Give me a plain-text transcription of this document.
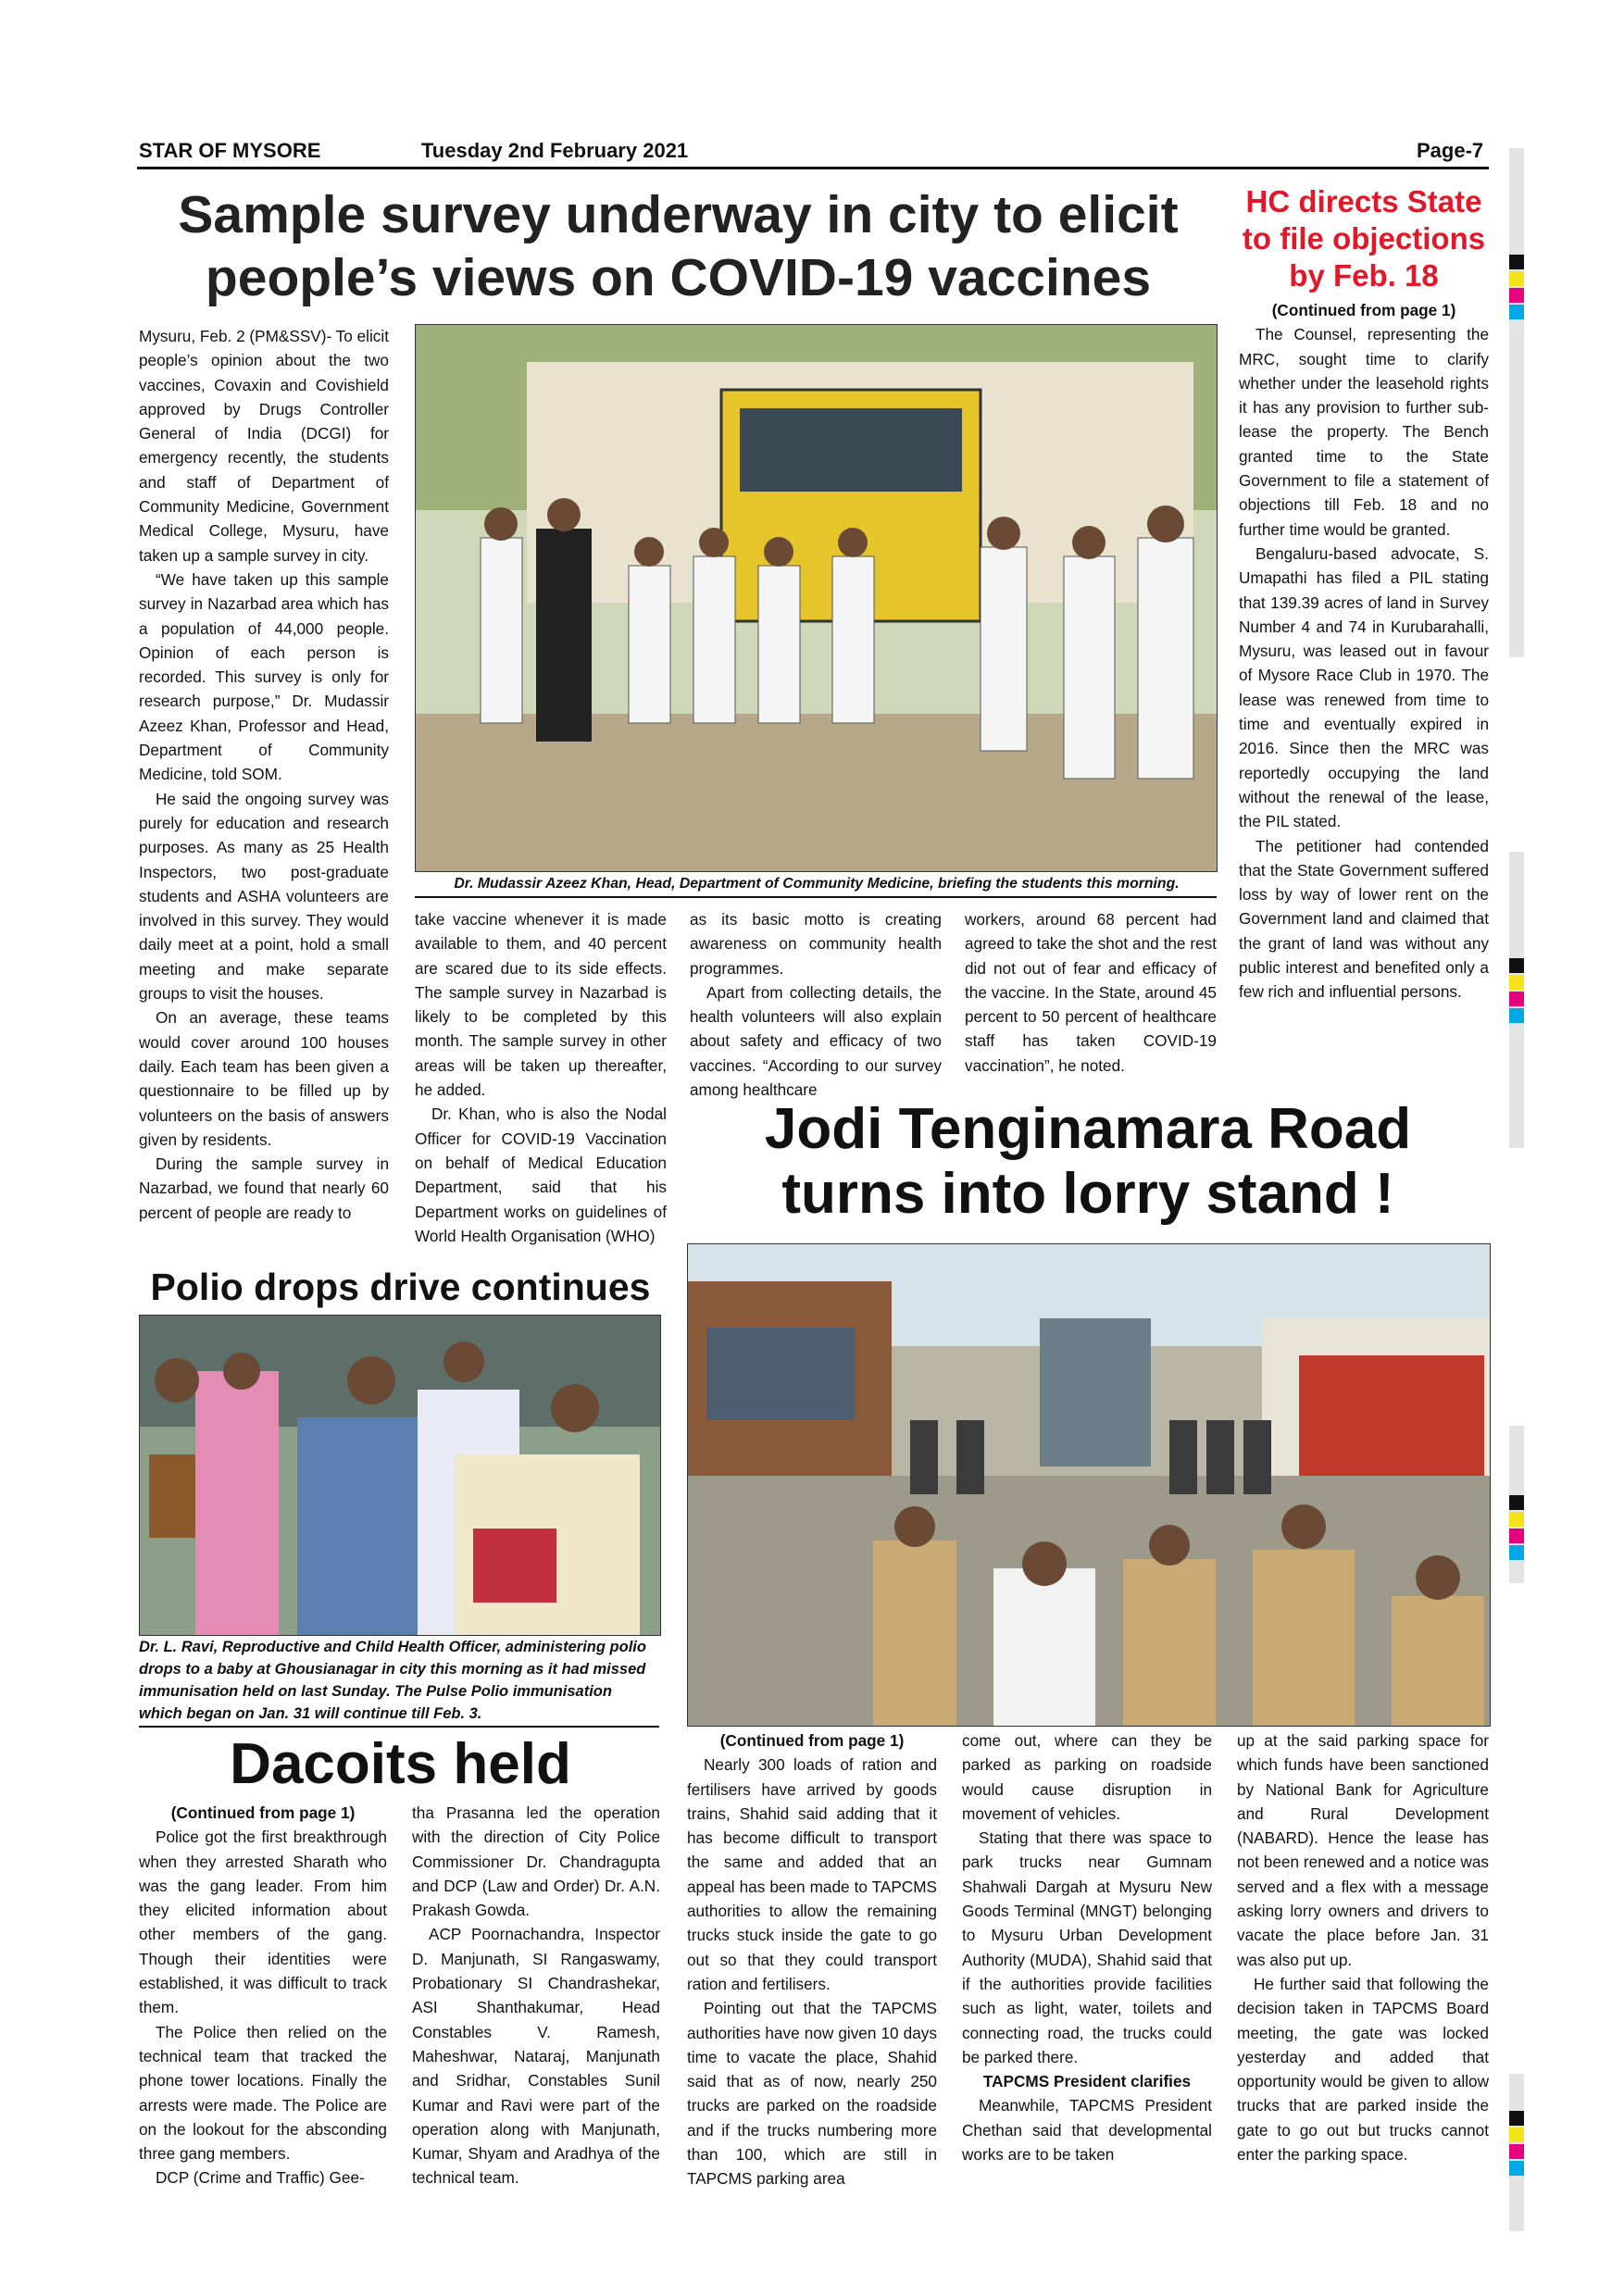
STAR OF MYSORE	Tuesday 2nd February 2021	Page-7
Sample survey underway in city to elicit
people’s views on COVID-19 vaccines
Dr. Mudassir Azeez Khan, Head, Department of Community Medicine, briefing the students this morning.

Mysuru, Feb. 2 (PM&SSV)- To elicit people’s opinion about the two vaccines, Covaxin and Covishield approved by Drugs Controller General of India (DCGI) for emergency recently, the students and staff of Department of Community Medicine, Government Medical College, Mysuru, have taken up a sample survey in city.

“We have taken up this sample survey in Nazarbad area which has a population of 44,000 people. Opinion of each person is recorded. This survey is only for research purpose,” Dr. Mudassir Azeez Khan, Professor and Head, Department of Community Medicine, told SOM.

He said the ongoing survey was purely for education and research purposes. As many as 25 Health Inspectors, two post-graduate students and ASHA volunteers are involved in this survey. They would daily meet at a point, hold a small meeting and make separate groups to visit the houses.

On an average, these teams would cover around 100 houses daily. Each team has been given a questionnaire to be filled up by volunteers on the basis of answers given by residents.

During the sample survey in Nazarbad, we found that nearly 60 percent of people are ready to

take vaccine whenever it is made available to them, and 40 percent are scared due to its side effects. The sample survey in Nazarbad is likely to be completed by this month. The sample survey in other areas will be taken up thereafter, he added.

Dr. Khan, who is also the Nodal Officer for COVID-19 Vaccination on behalf of Medical Education Department, said that his Department works on guidelines of World Health Organisation (WHO)

as its basic motto is creating awareness on community health programmes.

Apart from collecting details, the health volunteers will also explain about safety and efficacy of two vaccines. “According to our survey among healthcare

workers, around 68 percent had agreed to take the shot and the rest did not out of fear and efficacy of the vaccine. In the State, around 45 percent to 50 percent of healthcare staff has taken COVID-19 vaccination”, he noted.

HC directs State to file objections by Feb. 18

(Continued from page 1)

The Counsel, representing the MRC, sought time to clarify whether under the leasehold rights it has any provision to further sub-lease the property. The Bench granted time to the State Government to file a statement of objections till Feb. 18 and no further time would be granted.

Bengaluru-based advocate, S. Umapathi has filed a PIL stating that 139.39 acres of land in Survey Number 4 and 74 in Kurubarahalli, Mysuru, was leased out in favour of Mysore Race Club in 1970. The lease was renewed from time to time and eventually expired in 2016. Since then the MRC was reportedly occupying the land without the renewal of the lease, the PIL stated.

The petitioner had contended that the State Government suffered loss by way of lower rent on the Government land and claimed that the grant of land was without any public interest and benefited only a few rich and influential persons.

Polio drops drive continues
Dr. L. Ravi, Reproductive and Child Health Officer, administering polio drops to a baby at Ghousianagar in city this morning as it had missed immunisation held on last Sunday. The Pulse Polio immunisation which began on Jan. 31 will continue till Feb. 3.
Dacoits held

(Continued from page 1)

Police got the first breakthrough when they arrested Sharath who was the gang leader. From him they elicited information about other members of the gang. Though their identities were established, it was difficult to track them.

The Police then relied on the technical team that tracked the phone tower locations. Finally the arrests were made. The Police are on the lookout for the absconding three gang members.

DCP (Crime and Traffic) Gee-

tha Prasanna led the operation with the direction of City Police Commissioner Dr. Chandragupta and DCP (Law and Order) Dr. A.N. Prakash Gowda.

ACP Poornachandra, Inspector D. Manjunath, SI Rangaswamy, Probationary SI Chandrashekar, ASI Shanthakumar, Head Constables V. Ramesh, Maheshwar, Nataraj, Manjunath and Sridhar, Constables Sunil Kumar and Ravi were part of the operation along with Manjunath, Kumar, Shyam and Aradhya of the technical team.

Jodi Tenginamara Road
turns into lorry stand !

(Continued from page 1)

Nearly 300 loads of ration and fertilisers have arrived by goods trains, Shahid said adding that it has become difficult to transport the same and added that an appeal has been made to TAPCMS authorities to allow the remaining trucks stuck inside the gate to go out so that they could transport ration and fertilisers.

Pointing out that the TAPCMS authorities have now given 10 days time to vacate the place, Shahid said that as of now, nearly 250 trucks are parked on the roadside and if the trucks numbering more than 100, which are still in TAPCMS parking area

come out, where can they be parked as parking on roadside would cause disruption in movement of vehicles.

Stating that there was space to park trucks near Gumnam Shahwali Dargah at Mysuru New Goods Terminal (MNGT) belonging to Mysuru Urban Development Authority (MUDA), Shahid said that if the authorities provide facilities such as light, water, toilets and connecting road, the trucks could be parked there.

TAPCMS President clarifies

Meanwhile, TAPCMS President Chethan said that developmental works are to be taken

up at the said parking space for which funds have been sanctioned by National Bank for Agriculture and Rural Development (NABARD). Hence the lease has not been renewed and a notice was served and a flex with a message asking lorry owners and drivers to vacate the place before Jan. 31 was also put up.

He further said that following the decision taken in TAPCMS Board meeting, the gate was locked yesterday and added that opportunity would be given to allow trucks that are parked inside the gate to go out but trucks cannot enter the parking space.
